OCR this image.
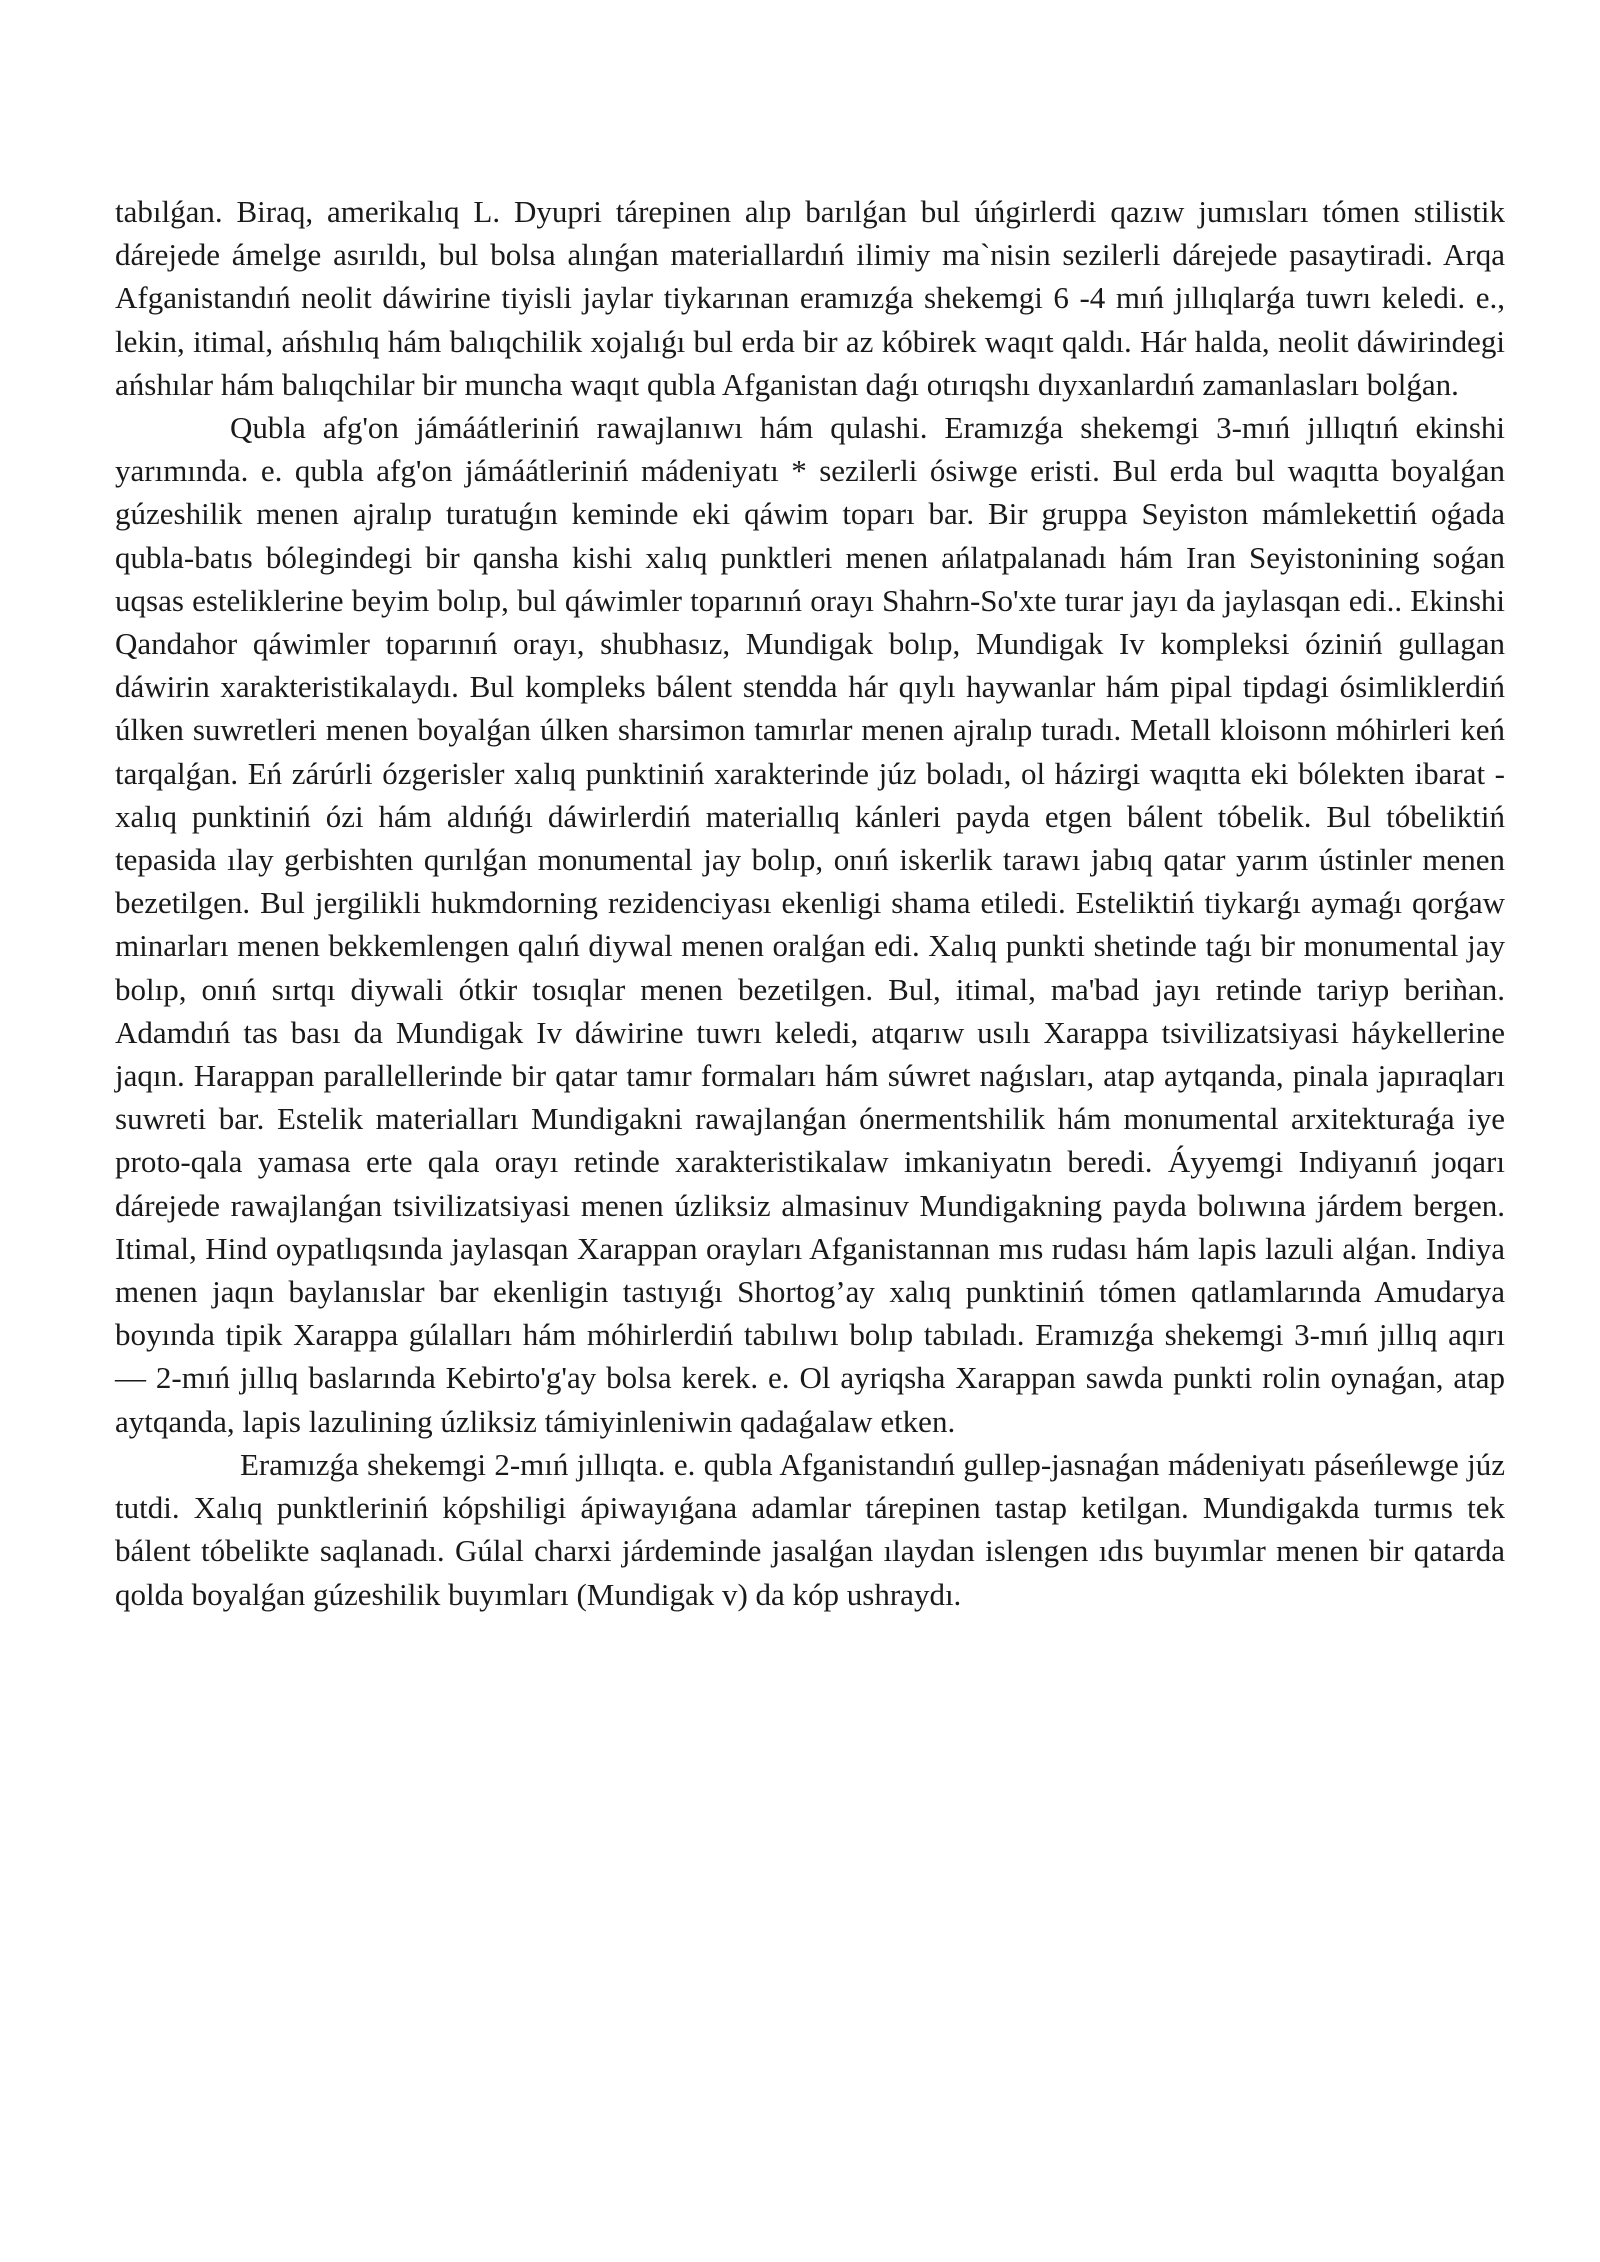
tabılǵan. Biraq, amerikalıq L. Dyupri tárepinen alıp barılǵan bul úńgirlerdi qazıw jumısları tómen stilistik dárejede ámelge asırıldı, bul bolsa alınǵan materiallardıń ilimiy ma`nisin sezilerli dárejede pasaytiradi. Arqa Afganistandıń neolit dáwirine tiyisli jaylar tiykarınan eramızǵa shekemgi 6 -4 mıń jıllıqlarǵa tuwrı keledi. e., lekin, itimal, ańshılıq hám balıqchilik xojalıǵı bul erda bir az kóbirek waqıt qaldı. Hár halda, neolit dáwirindegi ańshılar hám balıqchilar bir muncha waqıt qubla Afganistan daǵı otırıqshı dıyxanlardıń zamanlasları bolǵan.

Qubla afg'on jámáátleriniń rawajlanıwı hám qulashi. Eramızǵa shekemgi 3-mıń jıllıqtıń ekinshi yarımında. e. qubla afg'on jámáátleriniń mádeniyatı * sezilerli ósiwge eristi. Bul erda bul waqıtta boyalǵan gúzeshilik menen ajralıp turatuǵın keminde eki qáwim toparı bar. Bir gruppa Seyiston mámlekettiń oǵada qubla-batıs bólegindegi bir qansha kishi xalıq punktleri menen ańlatpalanadı hám Iran Seyistonining soǵan uqsas esteliklerine beyim bolıp, bul qáwimler toparınıń orayı Shahrn-So'xte turar jayı da jaylasqan edi.. Ekinshi Qandahor qáwimler toparınıń orayı, shubhasız, Mundigak bolıp, Mundigak Iv kompleksi óziniń gullagan dáwirin xarakteristikalaydı. Bul kompleks bálent stendda hár qıylı haywanlar hám pipal tipdagi ósimliklerdiń úlken suwretleri menen boyalǵan úlken sharsimon tamırlar menen ajralıp turadı. Metall kloisonn móhirleri keń tarqalǵan. Eń zárúrli ózgerisler xalıq punktiniń xarakterinde júz boladı, ol házirgi waqıtta eki bólekten ibarat - xalıq punktiniń ózi hám aldıńǵı dáwirlerdiń materiallıq kánleri payda etgen bálent tóbelik. Bul tóbeliktiń tepasida ılay gerbishten qurılǵan monumental jay bolıp, onıń iskerlik tarawı jabıq qatar yarım ústinler menen bezetilgen. Bul jergilikli hukmdorning rezidenciyası ekenligi shama etiledi. Esteliktiń tiykarǵı aymaǵı qorǵaw minarları menen bekkemlengen qalıń diywal menen oralǵan edi. Xalıq punkti shetinde taǵı bir monumental jay bolıp, onıń sırtqı diywali ótkir tosıqlar menen bezetilgen. Bul, itimal, ma'bad jayı retinde tariyp beriǹan. Adamdıń tas bası da Mundigak Iv dáwirine tuwrı keledi, atqarıw usılı Xarappa tsivilizatsiyasi háykellerine jaqın. Harappan parallellerinde bir qatar tamır formaları hám súwret naǵısları, atap aytqanda, pinala japıraqları suwreti bar. Estelik materialları Mundigakni rawajlanǵan ónermentshilik hám monumental arxitekturaǵa iye proto-qala yamasa erte qala orayı retinde xarakteristikalaw imkaniyatın beredi. Áyyemgi Indiyanıń joqarı dárejede rawajlanǵan tsivilizatsiyasi menen úzliksiz almasinuv Mundigakning payda bolıwına járdem bergen. Itimal, Hind oypatlıqsında jaylasqan Xarappan orayları Afganistannan mıs rudası hám lapis lazuli alǵan. Indiya menen jaqın baylanıslar bar ekenligin tastıyıǵı Shortog’ay xalıq punktiniń tómen qatlamlarında Amudarya boyında tipik Xarappa gúlalları hám móhirlerdiń tabılıwı bolıp tabıladı. Eramızǵa shekemgi 3-mıń jıllıq aqırı — 2-mıń jıllıq baslarında Kebirto'g'ay bolsa kerek. e. Ol ayriqsha Xarappan sawda punkti rolin oynaǵan, atap aytqanda, lapis lazulining úzliksiz támiyinleniwin qadaǵalaw etken.

Eramızǵa shekemgi 2-mıń jıllıqta. e. qubla Afganistandıń gullep-jasnaǵan mádeniyatı páseńlewge júz tutdi. Xalıq punktleriniń kópshiligi ápiwayıǵana adamlar tárepinen tastap ketilgan. Mundigakda turmıs tek bálent tóbelikte saqlanadı. Gúlal charxi járdeminde jasalǵan ılaydan islengen ıdıs buyımlar menen bir qatarda qolda boyalǵan gúzeshilik buyımları (Mundigak v) da kóp ushraydı.
